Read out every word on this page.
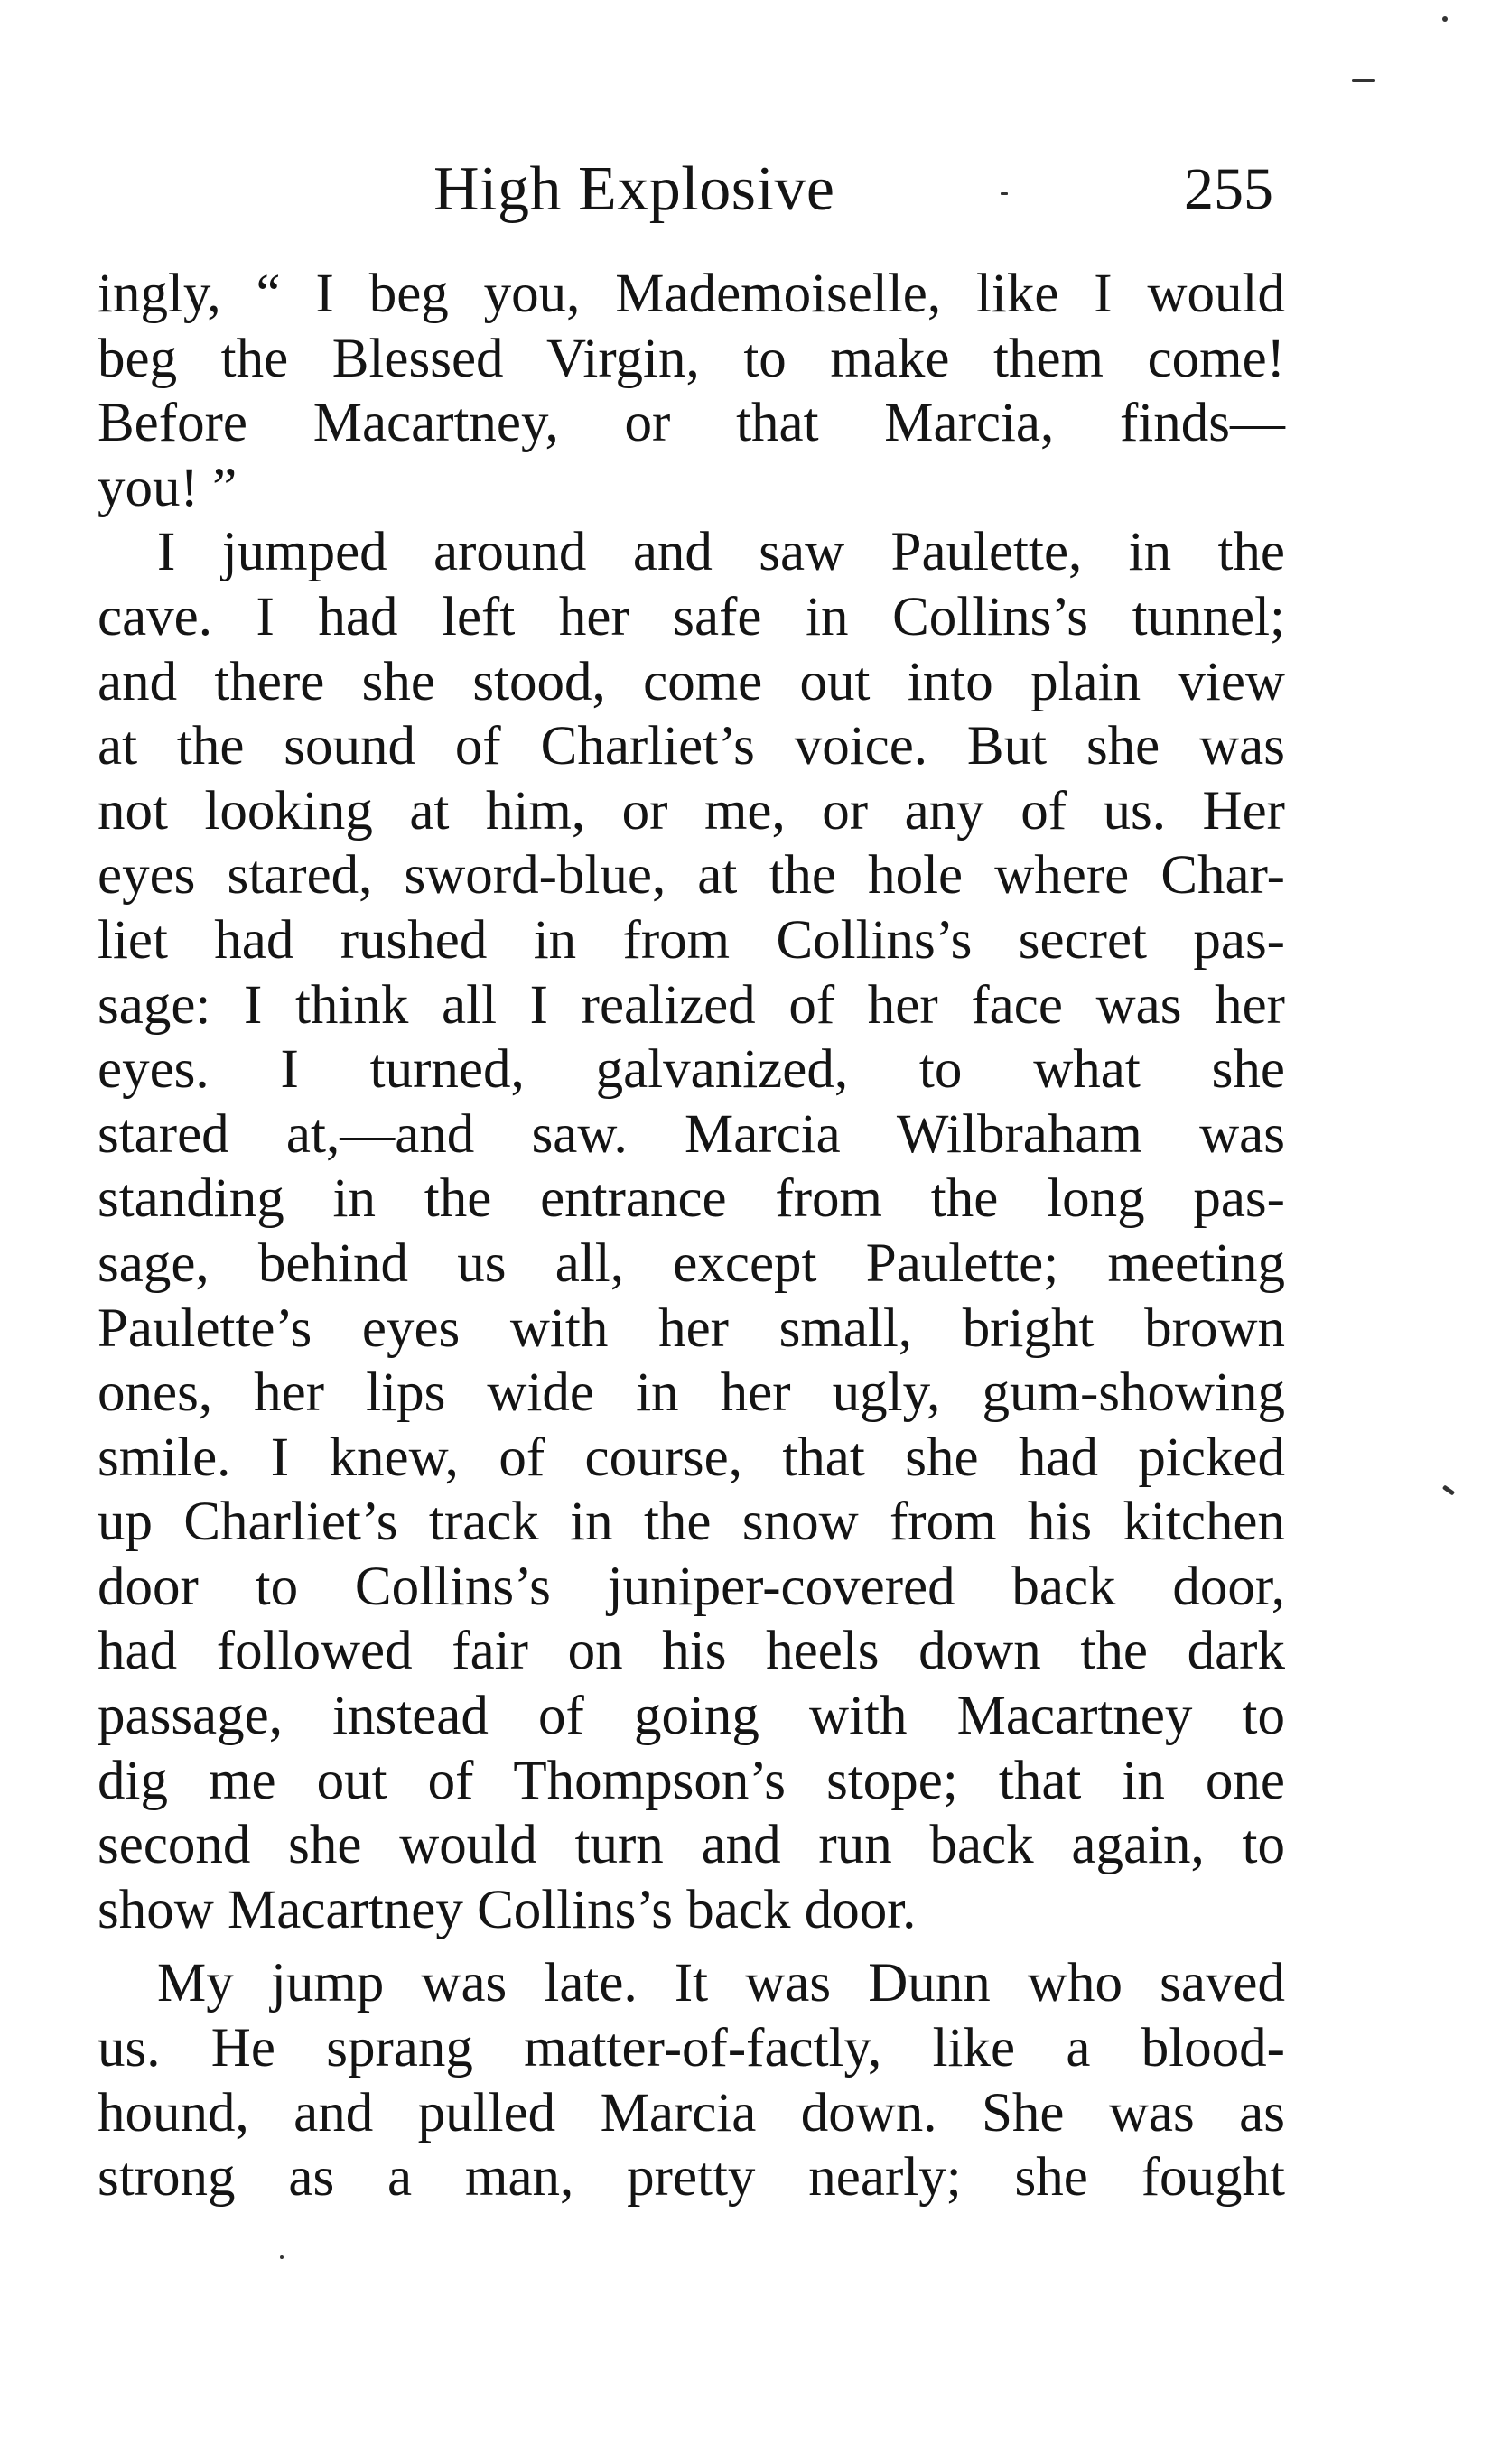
High Explosive	255
ingly, “ I beg you, Mademoiselle, like I would
beg the Blessed Virgin, to make them come!
Before Macartney, or that Marcia, finds—
you! ”
I jumped around and saw Paulette, in the
cave. I had left her safe in Collins’s tunnel;
and there she stood, come out into plain view
at the sound of Charliet’s voice. But she was
not looking at him, or me, or any of us. Her
eyes stared, sword-blue, at the hole where Char-
liet had rushed in from Collins’s secret pas-
sage: I think all I realized of her face was her
eyes. I turned, galvanized, to what she
stared at,—and saw. Marcia Wilbraham was
standing in the entrance from the long pas-
sage, behind us all, except Paulette; meeting
Paulette’s eyes with her small, bright brown
ones, her lips wide in her ugly, gum-showing
smile. I knew, of course, that she had picked
up Charliet’s track in the snow from his kitchen
door to Collins’s juniper-covered back door,
had followed fair on his heels down the dark
passage, instead of going with Macartney to
dig me out of Thompson’s stope; that in one
second she would turn and run back again, to
show Macartney Collins’s back door.
My jump was late. It was Dunn who saved
us. He sprang matter-of-factly, like a blood-
hound, and pulled Marcia down. She was as
strong as a man, pretty nearly; she fought
